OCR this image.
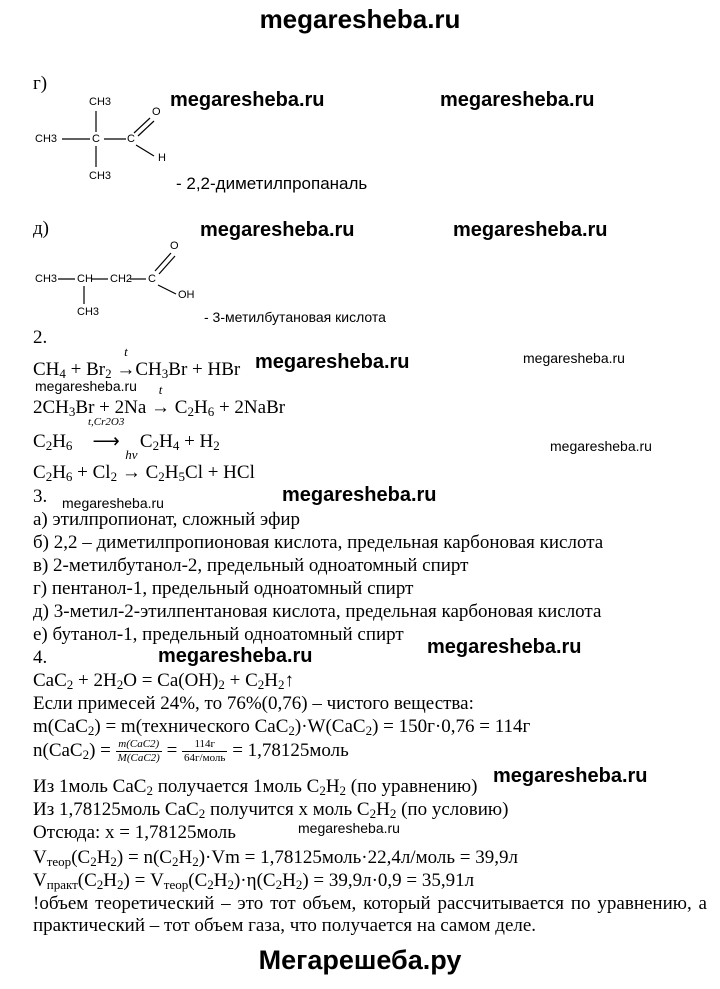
megaresheba.ru
Мегарешеба.ру
megaresheba.ru	megaresheba.ru
megaresheba.ru	megaresheba.ru
megaresheba.ru	megaresheba.ru
megaresheba.ru
megaresheba.ru
megaresheba.ru	megaresheba.ru
megaresheba.ru	megaresheba.ru
megaresheba.ru
megaresheba.ru
г)
CH3
CH3	C C
O
H
CH3	- 2,2-диметилпропаналь
д)
CH3 CH CH2 C
O
OH
CH3	- 3-метилбутановая кислота
2.
$CH_4 + Br_2$
t
$\to CH_3Br$ + HBr
$2CH_3Br + 2Na$
t
→ $C_2H_6$ + 2NaBr
$C_2H_6$
t,Cr2O3
⟶ $C_2H_4 + H_2$
$C_2H_6 + Cl_2$
hν
→ $C_2H_5Cl$ + HCl
3.
а) этилпропионат, сложный эфир
б) 2,2 – диметилпропионовая кислота, предельная карбоновая кислота
в) 2-метилбутанол-2, предельный одноатомный спирт
г) пентанол-1, предельный одноатомный спирт
д) 3-метил-2-этилпентановая кислота, предельная карбоновая кислота
е) бутанол-1, предельный одноатомный спирт
4.
$CaC_2 + 2H_2O = Ca(OH)_2$ + $C_2H_2↑$
Если примесей 24%, то 76%(0,76) – чистого вещества:
m(CaC$_2$) = m(технического CaC$_2$)·W(CaC$_2$) = 150г·0,76 = 114г
$n(CaC_2) = \frac{\text{m(CaC2)}}{\text{M(CaC2)}} = \frac{114г}{\text{64г/моль}}$ = 1,78125моль
Из 1моль CaC$_2$ получается 1моль $C_2H_2$ (по уравнению)
Из 1,78125моль CaC$_2$ получится х моль $C_2H_2$ (по условию)
Отсюда: х = 1,78125моль
$V_{теор}(C_2H_2) = n(C_2H_2)\cdot Vm$ = 1,78125моль·22,4л/моль = 39,9л
$V_{практ}(C_2H_2) = V_{теор}(C_2H_2)\cdot\eta(C_2H_2) = 39,9л\cdot 0,9 = 35,91л$
!объем теоретический – это тот объем, который рассчитывается по уравнению, а практический – тот объем газа, что получается на самом деле.
